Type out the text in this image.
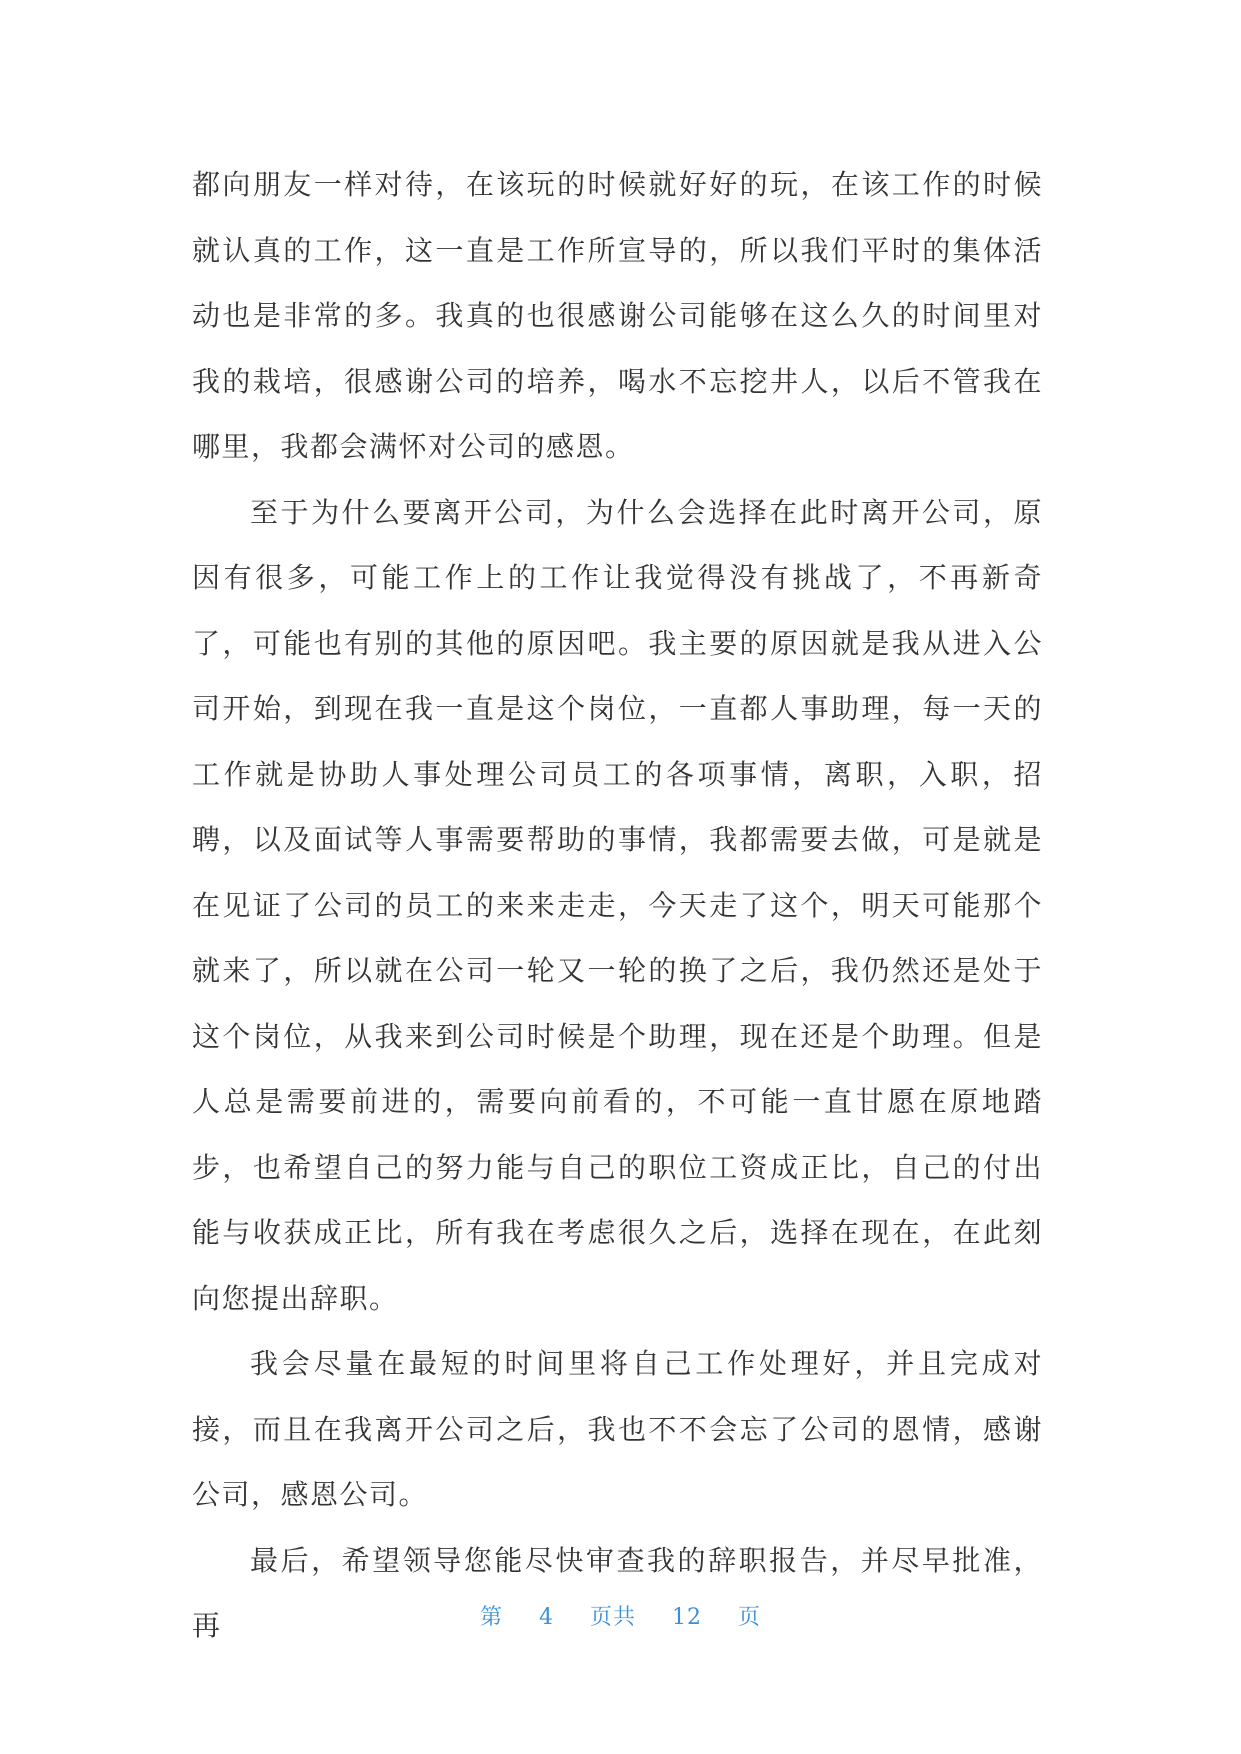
都向朋友一样对待，在该玩的时候就好好的玩，在该工作的时候就认真的工作，这一直是工作所宣导的，所以我们平时的集体活动也是非常的多。我真的也很感谢公司能够在这么久的时间里对我的栽培，很感谢公司的培养，喝水不忘挖井人，以后不管我在哪里，我都会满怀对公司的感恩。

至于为什么要离开公司，为什么会选择在此时离开公司，原因有很多，可能工作上的工作让我觉得没有挑战了，不再新奇了，可能也有别的其他的原因吧。我主要的原因就是我从进入公司开始，到现在我一直是这个岗位，一直都人事助理，每一天的工作就是协助人事处理公司员工的各项事情，离职，入职，招聘，以及面试等人事需要帮助的事情，我都需要去做，可是就是在见证了公司的员工的来来走走，今天走了这个，明天可能那个就来了，所以就在公司一轮又一轮的换了之后，我仍然还是处于这个岗位，从我来到公司时候是个助理，现在还是个助理。但是人总是需要前进的，需要向前看的，不可能一直甘愿在原地踏步，也希望自己的努力能与自己的职位工资成正比，自己的付出能与收获成正比，所有我在考虑很久之后，选择在现在，在此刻向您提出辞职。

我会尽量在最短的时间里将自己工作处理好，并且完成对接，而且在我离开公司之后，我也不不会忘了公司的恩情，感谢公司，感恩公司。

最后，希望领导您能尽快审查我的辞职报告，并尽早批准，再	第 4 页共 12 页
